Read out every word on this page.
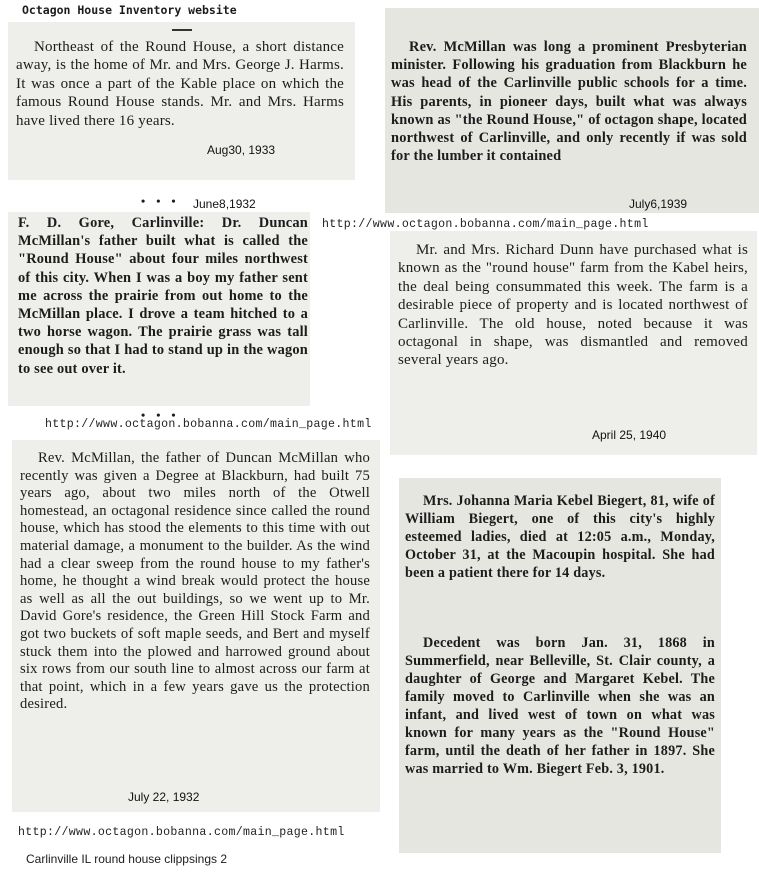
Octagon House Inventory website

Northeast of the Round House, a short distance away, is the home of Mr. and Mrs. George J. Harms. It was once a part of the Kable place on which the famous Round House stands. Mr. and Mrs. Harms have lived there 16 years.

Aug30, 1933

Rev. McMillan was long a prominent Presbyterian minister. Following his graduation from Blackburn he was head of the Carlinville public schools for a time. His parents, in pioneer days, built what was always known as "the Round House," of octagon shape, located northwest of Carlinville, and only recently if was sold for the lumber it contained

July6,1939
• • • June8,1932

F. D. Gore, Carlinville: Dr. Duncan McMillan's father built what is called the "Round House" about four miles northwest of this city. When I was a boy my father sent me across the prairie from out home to the McMillan place. I drove a team hitched to a two horse wagon. The prairie grass was tall enough so that I had to stand up in the wagon to see out over it.

http://www.octagon.bobanna.com/main_page.html

Mr. and Mrs. Richard Dunn have purchased what is known as the "round house" farm from the Kabel heirs, the deal being consummated this week. The farm is a desirable piece of property and is located northwest of Carlinville. The old house, noted because it was octagonal in shape, was dismantled and removed several years ago.

April 25, 1940
http://www.octagon.bobanna.com/main_page.html
• • •

Rev. McMillan, the father of Duncan McMillan who recently was given a Degree at Blackburn, had built 75 years ago, about two miles north of the Otwell homestead, an octagonal residence since called the round house, which has stood the elements to this time with out material damage, a monument to the builder. As the wind had a clear sweep from the round house to my father's home, he thought a wind break would protect the house as well as all the out buildings, so we went up to Mr. David Gore's residence, the Green Hill Stock Farm and got two buckets of soft maple seeds, and Bert and myself stuck them into the plowed and harrowed ground about six rows from our south line to almost across our farm at that point, which in a few years gave us the protection desired.

July 22, 1932

Mrs. Johanna Maria Kebel Biegert, 81, wife of William Biegert, one of this city's highly esteemed ladies, died at 12:05 a.m., Monday, October 31, at the Macoupin hospital. She had been a patient there for 14 days.

Decedent was born Jan. 31, 1868 in Summerfield, near Belleville, St. Clair county, a daughter of George and Margaret Kebel. The family moved to Carlinville when she was an infant, and lived west of town on what was known for many years as the "Round House" farm, until the death of her father in 1897. She was married to Wm. Biegert Feb. 3, 1901.

http://www.octagon.bobanna.com/main_page.html
Carlinville IL round house clippsings 2
